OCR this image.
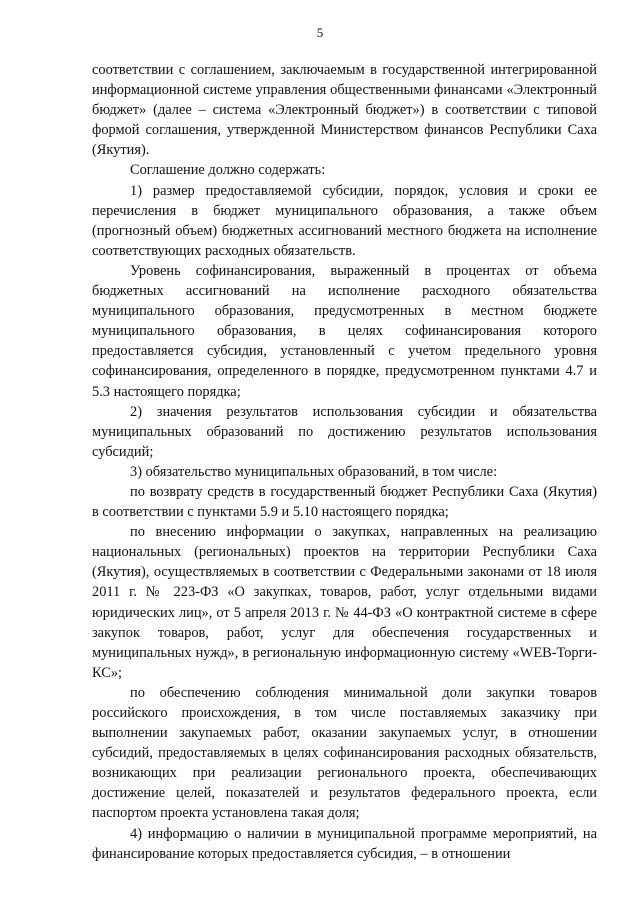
5

соответствии с соглашением, заключаемым в государственной интегрированной информационной системе управления общественными финансами «Электронный бюджет» (далее – система «Электронный бюджет») в соответствии с типовой формой соглашения, утвержденной Министерством финансов Республики Саха (Якутия).

Соглашение должно содержать:

1) размер предоставляемой субсидии, порядок, условия и сроки ее перечисления в бюджет муниципального образования, а также объем (прогнозный объем) бюджетных ассигнований местного бюджета на исполнение соответствующих расходных обязательств.

Уровень софинансирования, выраженный в процентах от объема бюджетных ассигнований на исполнение расходного обязательства муниципального образования, предусмотренных в местном бюджете муниципального образования, в целях софинансирования которого предоставляется субсидия, установленный с учетом предельного уровня софинансирования, определенного в порядке, предусмотренном пунктами 4.7 и 5.3 настоящего порядка;

2) значения результатов использования субсидии и обязательства муниципальных образований по достижению результатов использования субсидий;

3) обязательство муниципальных образований, в том числе:

по возврату средств в государственный бюджет Республики Саха (Якутия) в соответствии с пунктами 5.9 и 5.10 настоящего порядка;

по внесению информации о закупках, направленных на реализацию национальных (региональных) проектов на территории Республики Саха (Якутия), осуществляемых в соответствии с Федеральными законами от 18 июля 2011 г. № 223-ФЗ «О закупках, товаров, работ, услуг отдельными видами юридических лиц», от 5 апреля 2013 г. № 44-ФЗ «О контрактной системе в сфере закупок товаров, работ, услуг для обеспечения государственных и муниципальных нужд», в региональную информационную систему «WEB-Торги-КС»;

по обеспечению соблюдения минимальной доли закупки товаров российского происхождения, в том числе поставляемых заказчику при выполнении закупаемых работ, оказании закупаемых услуг, в отношении субсидий, предоставляемых в целях софинансирования расходных обязательств, возникающих при реализации регионального проекта, обеспечивающих достижение целей, показателей и результатов федерального проекта, если паспортом проекта установлена такая доля;

4) информацию о наличии в муниципальной программе мероприятий, на финансирование которых предоставляется субсидия, – в отношении
